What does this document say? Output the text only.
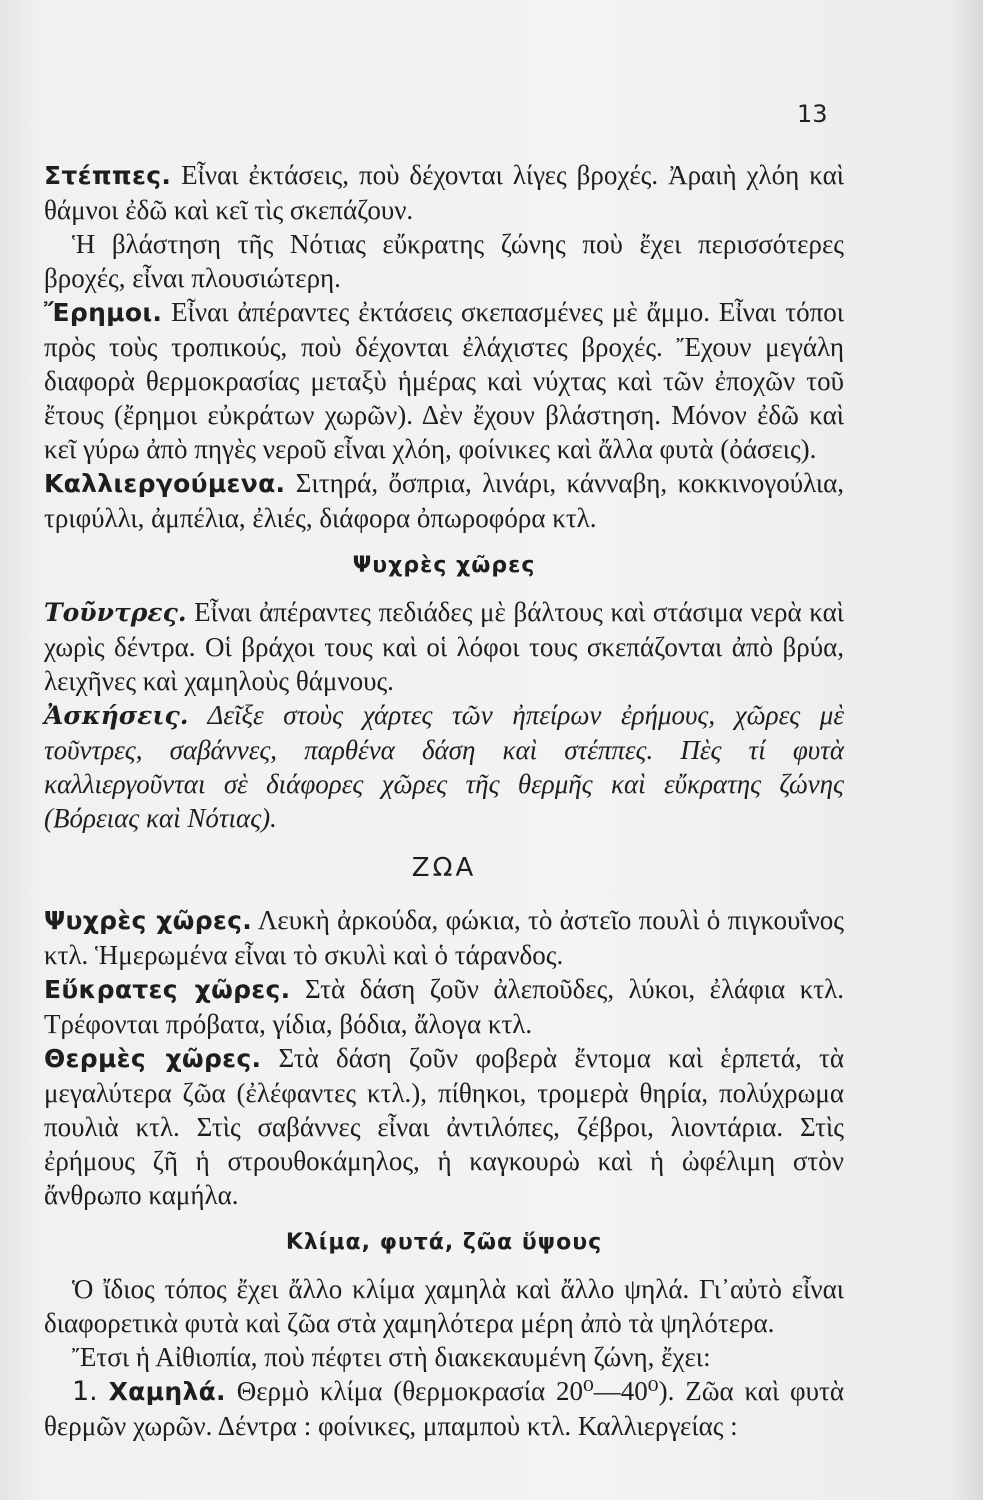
13

Στέππες. Εἶναι ἐκτάσεις, ποὺ δέχονται λίγες βροχές. Ἀραιὴ χλόη καὶ θάμνοι ἐδῶ καὶ κεῖ τὶς σκεπάζουν.

Ἡ βλάστηση τῆς Νότιας εὔκρατης ζώνης ποὺ ἔχει περισσότερες βροχές, εἶναι πλουσιώτερη.

Ἔρημοι. Εἶναι ἀπέραντες ἐκτάσεις σκεπασμένες μὲ ἄμμο. Εἶναι τόποι πρὸς τοὺς τροπικούς, ποὺ δέχονται ἐλάχιστες βροχές. Ἔχουν μεγάλη διαφορὰ θερμοκρασίας μεταξὺ ἡμέρας καὶ νύχτας καὶ τῶν ἐποχῶν τοῦ ἔτους (ἔρημοι εὐκράτων χωρῶν). Δὲν ἔχουν βλάστηση. Μόνον ἐδῶ καὶ κεῖ γύρω ἀπὸ πηγὲς νεροῦ εἶναι χλόη, φοίνικες καὶ ἄλλα φυτὰ (ὀάσεις).

Καλλιεργούμενα. Σιτηρά, ὄσπρια, λινάρι, κάνναβη, κοκκινογούλια, τριφύλλι, ἀμπέλια, ἐλιές, διάφορα ὀπωροφόρα κτλ.

Ψυχρὲς χῶρες

Τοῦντρες. Εἶναι ἀπέραντες πεδιάδες μὲ βάλτους καὶ στάσιμα νερὰ καὶ χωρὶς δέντρα. Οἱ βράχοι τους καὶ οἱ λόφοι τους σκεπάζονται ἀπὸ βρύα, λειχῆνες καὶ χαμηλοὺς θάμνους.

Ἀσκήσεις. Δεῖξε στοὺς χάρτες τῶν ἠπείρων ἐρήμους, χῶρες μὲ τοῦντρες, σαβάννες, παρθένα δάση καὶ στέππες. Πὲς τί φυτὰ καλλιεργοῦνται σὲ διάφορες χῶρες τῆς θερμῆς καὶ εὔκρατης ζώνης (Βόρειας καὶ Νότιας).

ΖΩΑ

Ψυχρὲς χῶρες. Λευκὴ ἀρκούδα, φώκια, τὸ ἀστεῖο πουλὶ ὁ πιγκουΐνος κτλ. Ἡμερωμένα εἶναι τὸ σκυλὶ καὶ ὁ τάρανδος.

Εὔκρατες χῶρες. Στὰ δάση ζοῦν ἀλεποῦδες, λύκοι, ἐλάφια κτλ. Τρέφονται πρόβατα, γίδια, βόδια, ἄλογα κτλ.

Θερμὲς χῶρες. Στὰ δάση ζοῦν φοβερὰ ἔντομα καὶ ἑρπετά, τὰ μεγαλύτερα ζῶα (ἐλέφαντες κτλ.), πίθηκοι, τρομερὰ θηρία, πολύχρωμα πουλιὰ κτλ. Στὶς σαβάννες εἶναι ἀντιλόπες, ζέβροι, λιοντάρια. Στὶς ἐρήμους ζῆ ἡ στρουθοκάμηλος, ἡ καγκουρὼ καὶ ἡ ὠφέλιμη στὸν ἄνθρωπο καμήλα.

Κλίμα, φυτά, ζῶα ὕψους

Ὁ ἴδιος τόπος ἔχει ἄλλο κλίμα χαμηλὰ καὶ ἄλλο ψηλά. Γι᾿αὐτὸ εἶναι διαφορετικὰ φυτὰ καὶ ζῶα στὰ χαμηλότερα μέρη ἀπὸ τὰ ψηλότερα.

Ἔτσι ἡ Αἰθιοπία, ποὺ πέφτει στὴ διακεκαυμένη ζώνη, ἔχει:

1. Χαμηλά. Θερμὸ κλίμα (θερμοκρασία 20⁰—40⁰). Ζῶα καὶ φυτὰ θερμῶν χωρῶν. Δέντρα : φοίνικες, μπαμποὺ κτλ. Καλλιεργείας :
